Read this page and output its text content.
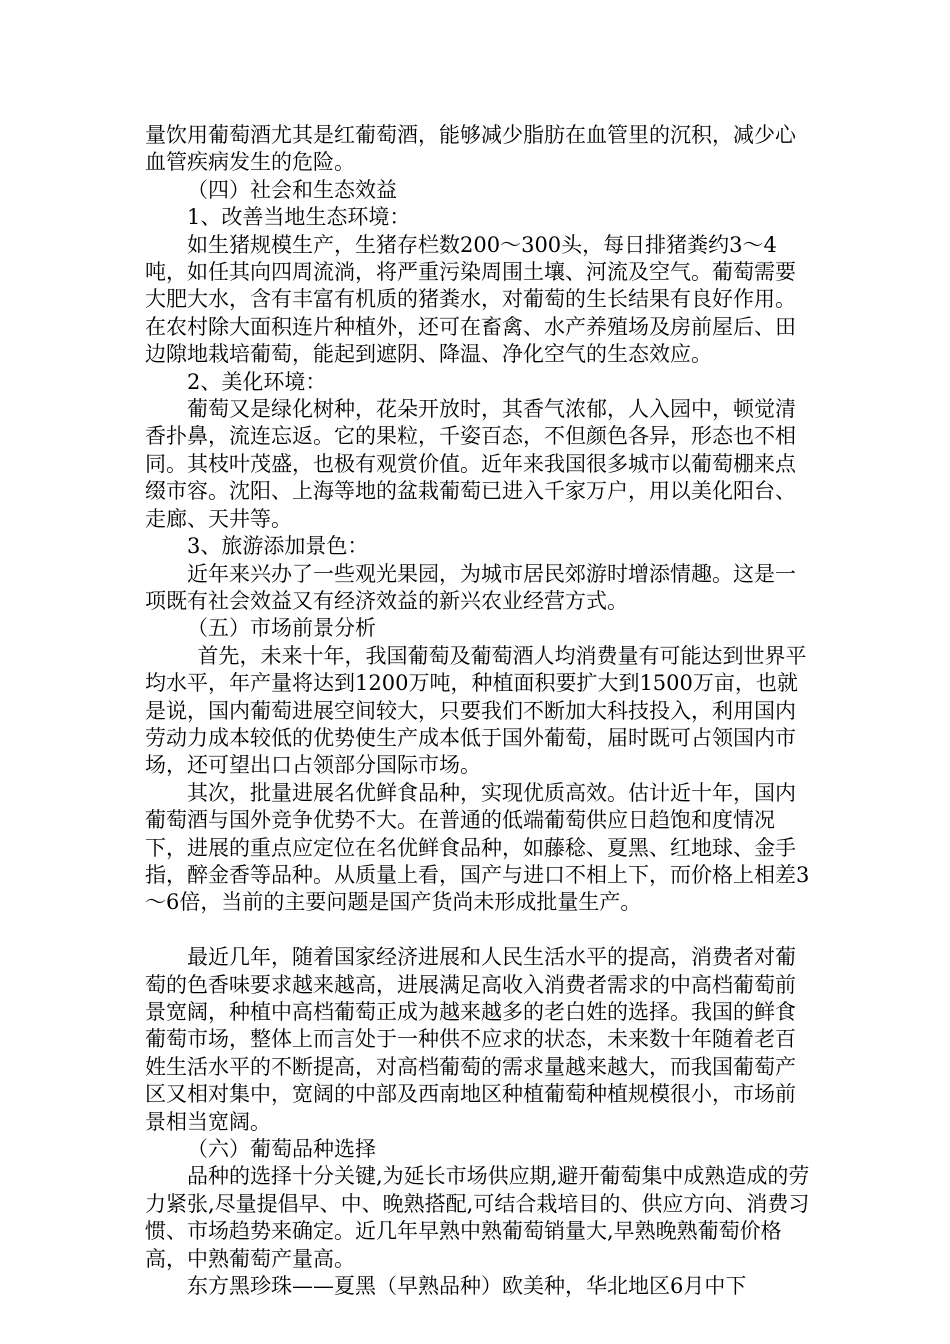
量饮用葡萄酒尤其是红葡萄酒，能够减少脂肪在血管里的沉积，减少心血管疾病发生的危险。

（四）社会和生态效益

1、改善当地生态环境：

如生猪规模生产，生猪存栏数200～300头，每日排猪粪约3～4吨，如任其向四周流淌，将严重污染周围土壤、河流及空气。葡萄需要大肥大水，含有丰富有机质的猪粪水，对葡萄的生长结果有良好作用。在农村除大面积连片种植外，还可在畜禽、水产养殖场及房前屋后、田边隙地栽培葡萄，能起到遮阴、降温、净化空气的生态效应。

2、美化环境：

葡萄又是绿化树种，花朵开放时，其香气浓郁，人入园中，顿觉清香扑鼻，流连忘返。它的果粒，千姿百态，不但颜色各异，形态也不相同。其枝叶茂盛，也极有观赏价值。近年来我国很多城市以葡萄棚来点缀市容。沈阳、上海等地的盆栽葡萄已进入千家万户，用以美化阳台、走廊、天井等。

3、旅游添加景色：

近年来兴办了一些观光果园，为城市居民郊游时增添情趣。这是一项既有社会效益又有经济效益的新兴农业经营方式。

（五）市场前景分析

首先，未来十年，我国葡萄及葡萄酒人均消费量有可能达到世界平均水平，年产量将达到1200万吨，种植面积要扩大到1500万亩，也就是说，国内葡萄进展空间较大，只要我们不断加大科技投入，利用国内劳动力成本较低的优势使生产成本低于国外葡萄，届时既可占领国内市场，还可望出口占领部分国际市场。

其次，批量进展名优鲜食品种，实现优质高效。估计近十年，国内葡萄酒与国外竞争优势不大。在普通的低端葡萄供应日趋饱和度情况下，进展的重点应定位在名优鲜食品种，如藤稔、夏黑、红地球、金手指，醉金香等品种。从质量上看，国产与进口不相上下，而价格上相差3～6倍，当前的主要问题是国产货尚未形成批量生产。

最近几年，随着国家经济进展和人民生活水平的提高，消费者对葡萄的色香味要求越来越高，进展满足高收入消费者需求的中高档葡萄前景宽阔，种植中高档葡萄正成为越来越多的老白姓的选择。我国的鲜食葡萄市场，整体上而言处于一种供不应求的状态，未来数十年随着老百姓生活水平的不断提高，对高档葡萄的需求量越来越大，而我国葡萄产区又相对集中，宽阔的中部及西南地区种植葡萄种植规模很小，市场前景相当宽阔。

（六）葡萄品种选择

品种的选择十分关键,为延长市场供应期,避开葡萄集中成熟造成的劳力紧张,尽量提倡早、中、晚熟搭配,可结合栽培目的、供应方向、消费习惯、市场趋势来确定。近几年早熟中熟葡萄销量大,早熟晚熟葡萄价格高，中熟葡萄产量高。

东方黑珍珠——夏黑（早熟品种）欧美种，华北地区6月中下
